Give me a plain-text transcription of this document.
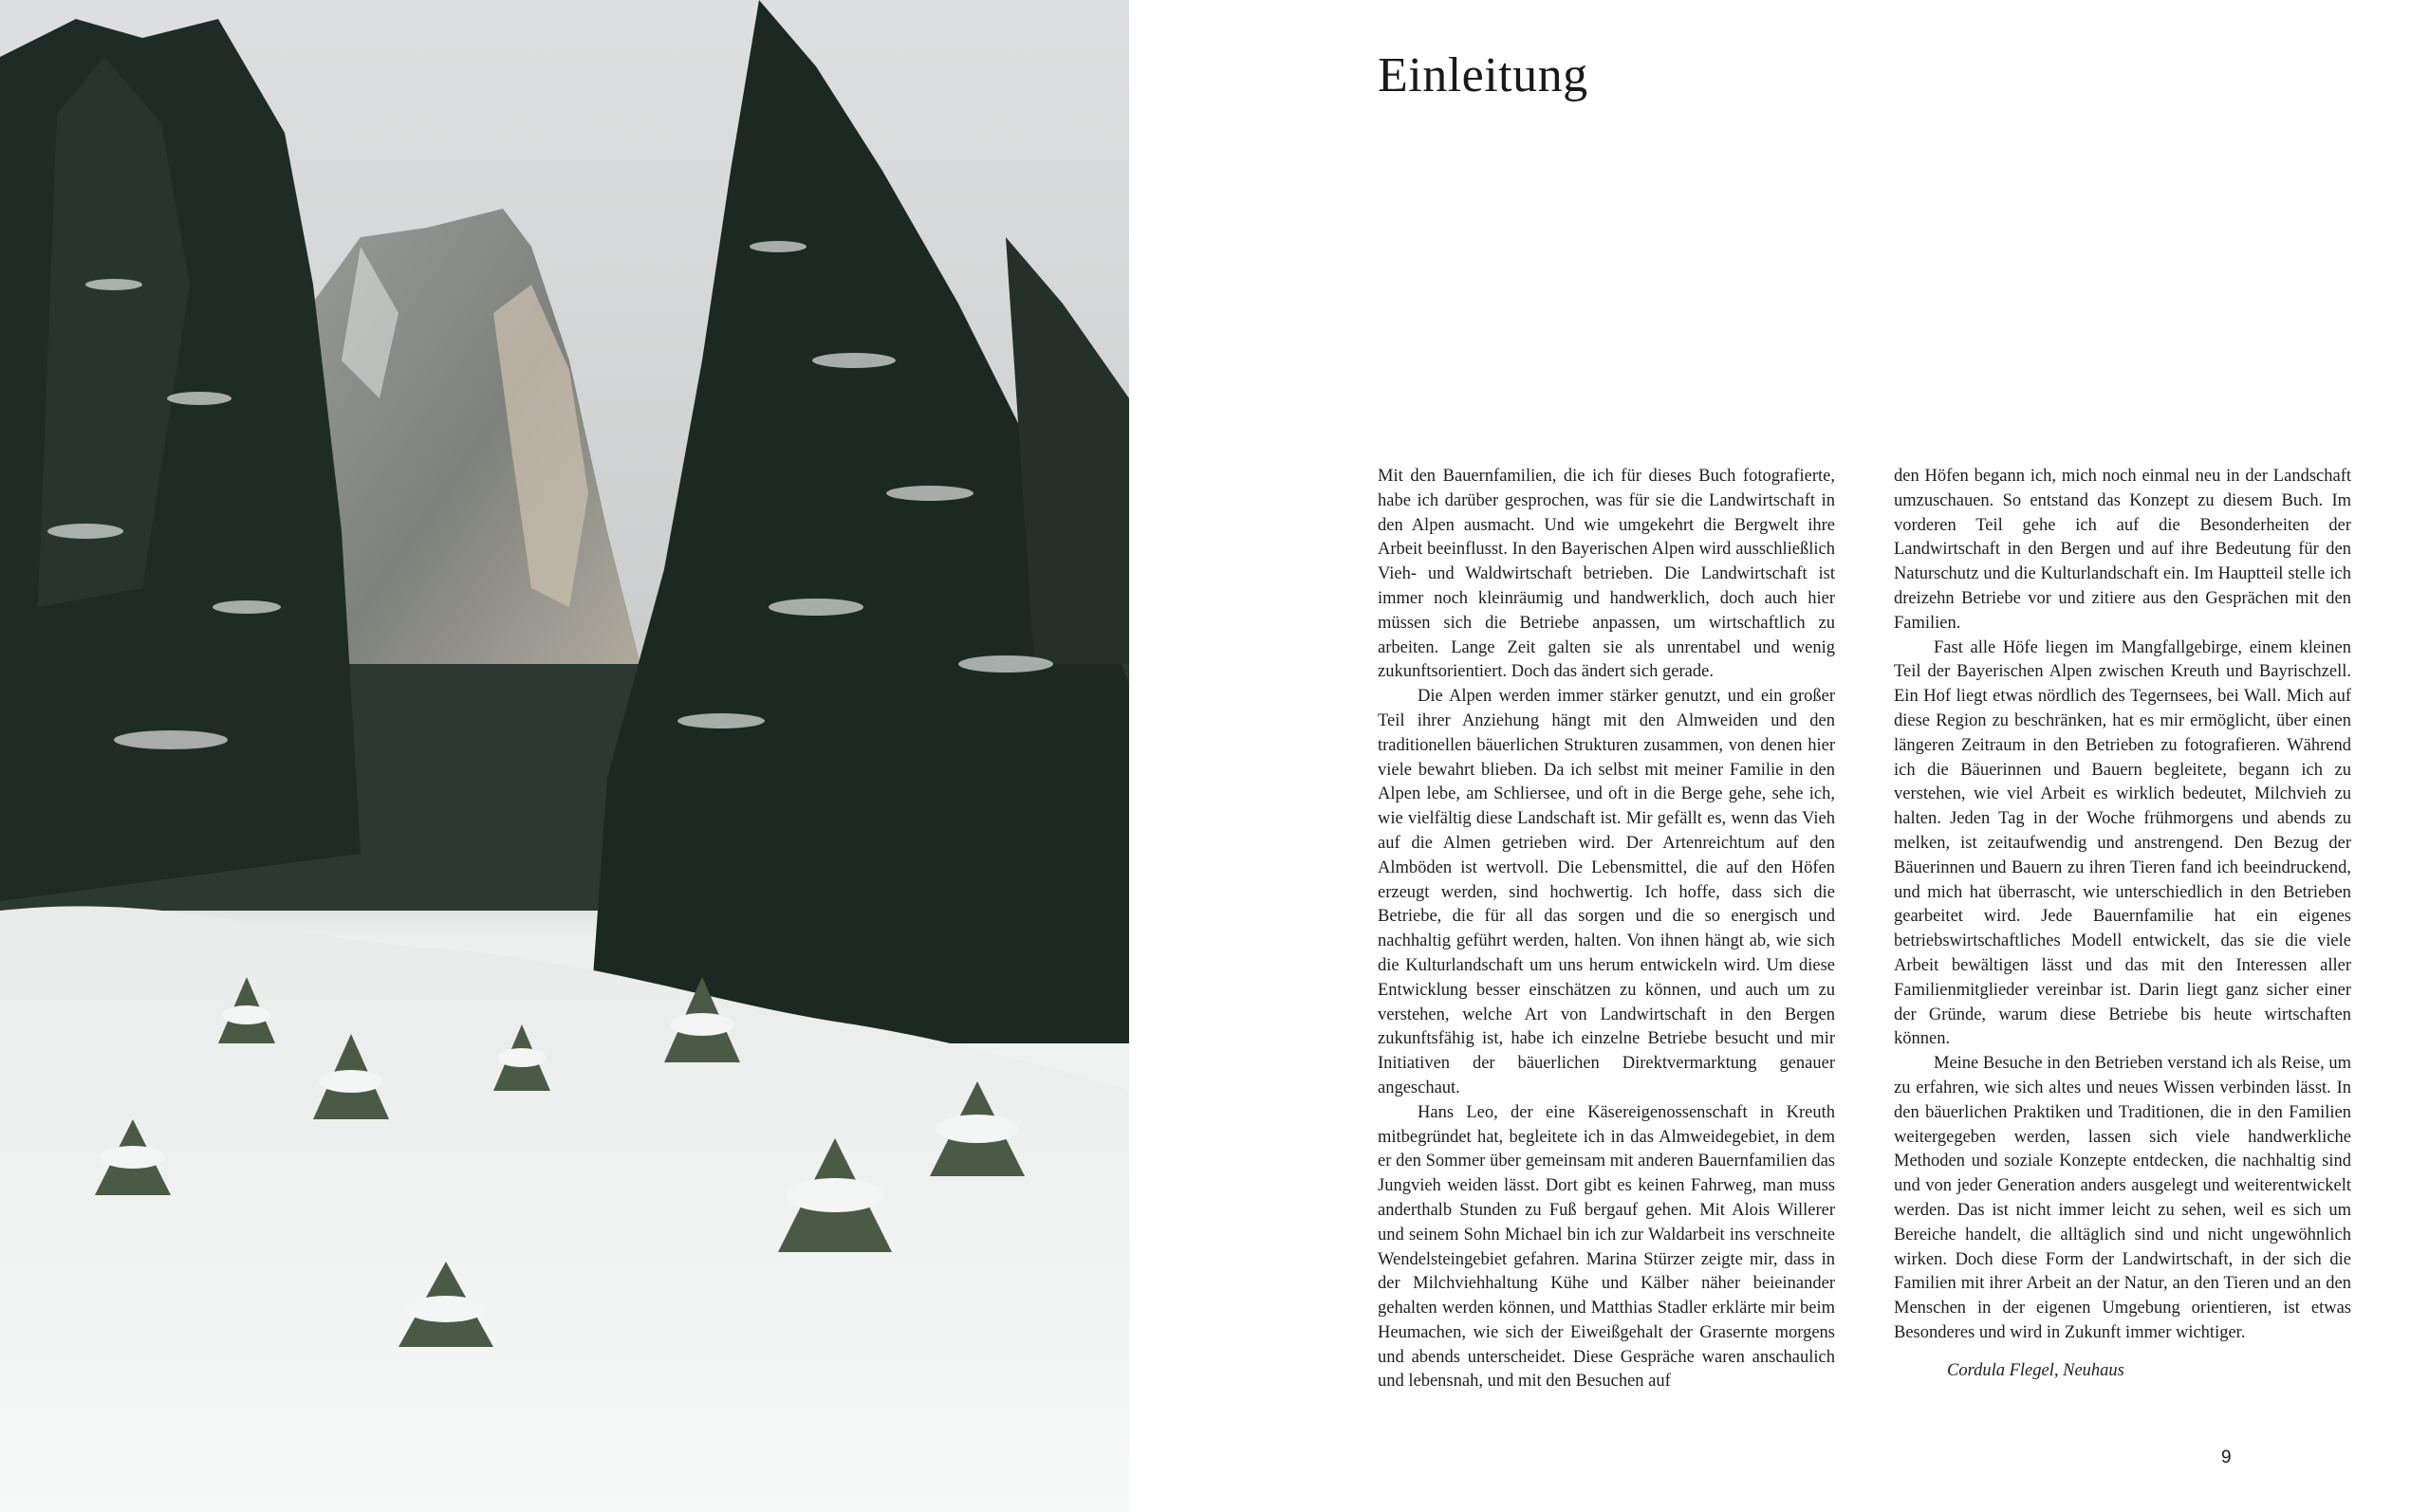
Einleitung

Mit den Bauernfamilien, die ich für dieses Buch fotografierte, habe ich darüber gesprochen, was für sie die Landwirtschaft in den Alpen ausmacht. Und wie umgekehrt die Bergwelt ihre Arbeit beeinflusst. In den Bayerischen Alpen wird ausschließlich Vieh- und Waldwirtschaft betrieben. Die Landwirtschaft ist immer noch kleinräumig und handwerklich, doch auch hier müssen sich die Betriebe anpassen, um wirtschaftlich zu arbeiten. Lange Zeit galten sie als unrentabel und wenig zukunftsorientiert. Doch das ändert sich gerade.

Die Alpen werden immer stärker genutzt, und ein großer Teil ihrer Anziehung hängt mit den Almweiden und den traditionellen bäuerlichen Strukturen zusammen, von denen hier viele bewahrt blieben. Da ich selbst mit meiner Familie in den Alpen lebe, am Schliersee, und oft in die Berge gehe, sehe ich, wie vielfältig diese Landschaft ist. Mir gefällt es, wenn das Vieh auf die Almen getrieben wird. Der Artenreichtum auf den Almböden ist wertvoll. Die Lebensmittel, die auf den Höfen erzeugt werden, sind hochwertig. Ich hoffe, dass sich die Betriebe, die für all das sorgen und die so energisch und nachhaltig geführt werden, halten. Von ihnen hängt ab, wie sich die Kulturlandschaft um uns herum entwickeln wird. Um diese Entwicklung besser einschätzen zu können, und auch um zu verstehen, welche Art von Landwirtschaft in den Bergen zukunftsfähig ist, habe ich einzelne Betriebe besucht und mir Initiativen der bäuerlichen Direktvermarktung genauer angeschaut.

Hans Leo, der eine Käsereigenossenschaft in Kreuth mitbegründet hat, begleitete ich in das Almweidegebiet, in dem er den Sommer über gemeinsam mit anderen Bauernfamilien das Jungvieh weiden lässt. Dort gibt es keinen Fahrweg, man muss anderthalb Stunden zu Fuß bergauf gehen. Mit Alois Willerer und seinem Sohn Michael bin ich zur Waldarbeit ins verschneite Wendelsteingebiet gefahren. Marina Stürzer zeigte mir, dass in der Milchviehhaltung Kühe und Kälber näher beieinander gehalten werden können, und Matthias Stadler erklärte mir beim Heumachen, wie sich der Eiweißgehalt der Grasernte morgens und abends unterscheidet. Diese Gespräche waren anschaulich und lebensnah, und mit den Besuchen auf

den Höfen begann ich, mich noch einmal neu in der Landschaft umzuschauen. So entstand das Konzept zu diesem Buch. Im vorderen Teil gehe ich auf die Besonderheiten der Landwirtschaft in den Bergen und auf ihre Bedeutung für den Naturschutz und die Kulturlandschaft ein. Im Hauptteil stelle ich dreizehn Betriebe vor und zitiere aus den Gesprächen mit den Familien.

Fast alle Höfe liegen im Mangfallgebirge, einem kleinen Teil der Bayerischen Alpen zwischen Kreuth und Bayrischzell. Ein Hof liegt etwas nördlich des Tegernsees, bei Wall. Mich auf diese Region zu beschränken, hat es mir ermöglicht, über einen längeren Zeitraum in den Betrieben zu fotografieren. Während ich die Bäuerinnen und Bauern begleitete, begann ich zu verstehen, wie viel Arbeit es wirklich bedeutet, Milchvieh zu halten. Jeden Tag in der Woche frühmorgens und abends zu melken, ist zeitaufwendig und anstrengend. Den Bezug der Bäuerinnen und Bauern zu ihren Tieren fand ich beeindruckend, und mich hat überrascht, wie unterschiedlich in den Betrieben gearbeitet wird. Jede Bauernfamilie hat ein eigenes betriebswirtschaftliches Modell entwickelt, das sie die viele Arbeit bewältigen lässt und das mit den Interessen aller Familienmitglieder vereinbar ist. Darin liegt ganz sicher einer der Gründe, warum diese Betriebe bis heute wirtschaften können.

Meine Besuche in den Betrieben verstand ich als Reise, um zu erfahren, wie sich altes und neues Wissen verbinden lässt. In den bäuerlichen Praktiken und Traditionen, die in den Familien weitergegeben werden, lassen sich viele handwerkliche Methoden und soziale Konzepte entdecken, die nachhaltig sind und von jeder Generation anders ausgelegt und weiterentwickelt werden. Das ist nicht immer leicht zu sehen, weil es sich um Bereiche handelt, die alltäglich sind und nicht ungewöhnlich wirken. Doch diese Form der Landwirtschaft, in der sich die Familien mit ihrer Arbeit an der Natur, an den Tieren und an den Menschen in der eigenen Umgebung orientieren, ist etwas Besonderes und wird in Zukunft immer wichtiger.

Cordula Flegel, Neuhaus

9
